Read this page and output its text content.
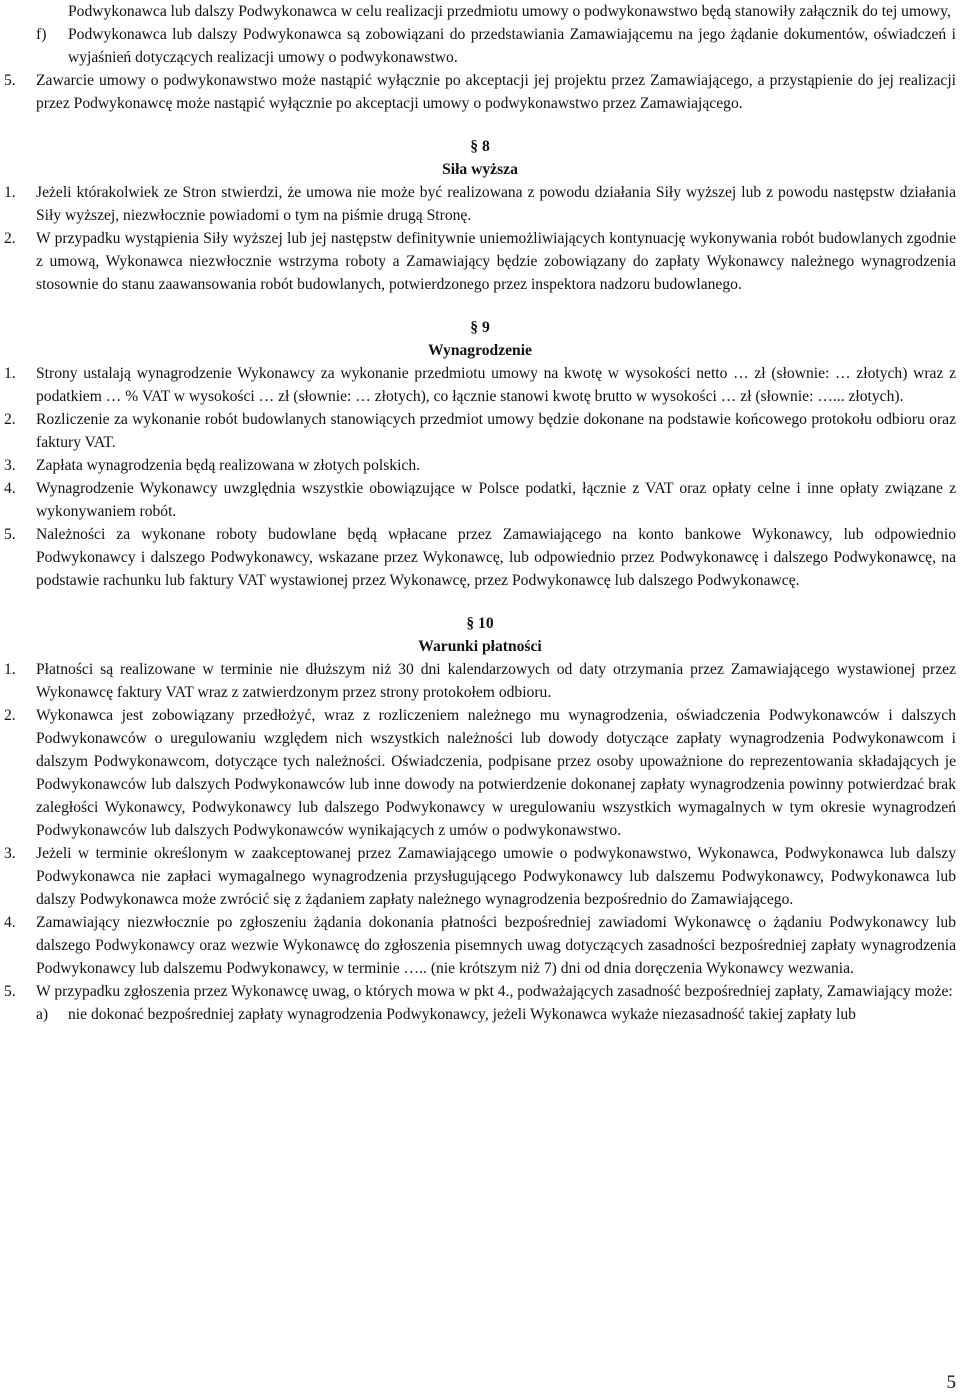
Podwykonawca lub dalszy Podwykonawca w celu realizacji przedmiotu umowy o podwykonawstwo będą stanowiły załącznik do tej umowy,

f) Podwykonawca lub dalszy Podwykonawca są zobowiązani do przedstawiania Zamawiającemu na jego żądanie dokumentów, oświadczeń i wyjaśnień dotyczących realizacji umowy o podwykonawstwo.

5. Zawarcie umowy o podwykonawstwo może nastąpić wyłącznie po akceptacji jej projektu przez Zamawiającego, a przystąpienie do jej realizacji przez Podwykonawcę może nastąpić wyłącznie po akceptacji umowy o podwykonawstwo przez Zamawiającego.

§ 8

Siła wyższa

1. Jeżeli którakolwiek ze Stron stwierdzi, że umowa nie może być realizowana z powodu działania Siły wyższej lub z powodu następstw działania Siły wyższej, niezwłocznie powiadomi o tym na piśmie drugą Stronę.

2. W przypadku wystąpienia Siły wyższej lub jej następstw definitywnie uniemożliwiających kontynuację wykonywania robót budowlanych zgodnie z umową, Wykonawca niezwłocznie wstrzyma roboty a Zamawiający będzie zobowiązany do zapłaty Wykonawcy należnego wynagrodzenia stosownie do stanu zaawansowania robót budowlanych, potwierdzonego przez inspektora nadzoru budowlanego.

§ 9

Wynagrodzenie

1. Strony ustalają wynagrodzenie Wykonawcy za wykonanie przedmiotu umowy na kwotę w wysokości netto … zł (słownie: … złotych) wraz z podatkiem … % VAT w wysokości … zł (słownie: … złotych), co łącznie stanowi kwotę brutto w wysokości … zł (słownie: …... złotych).

2. Rozliczenie za wykonanie robót budowlanych stanowiących przedmiot umowy będzie dokonane na podstawie końcowego protokołu odbioru oraz faktury VAT.

3. Zapłata wynagrodzenia będą realizowana w złotych polskich.

4. Wynagrodzenie Wykonawcy uwzględnia wszystkie obowiązujące w Polsce podatki, łącznie z VAT oraz opłaty celne i inne opłaty związane z wykonywaniem robót.

5. Należności za wykonane roboty budowlane będą wpłacane przez Zamawiającego na konto bankowe Wykonawcy, lub odpowiednio Podwykonawcy i dalszego Podwykonawcy, wskazane przez Wykonawcę, lub odpowiednio przez Podwykonawcę i dalszego Podwykonawcę, na podstawie rachunku lub faktury VAT wystawionej przez Wykonawcę, przez Podwykonawcę lub dalszego Podwykonawcę.

§ 10

Warunki płatności

1. Płatności są realizowane w terminie nie dłuższym niż 30 dni kalendarzowych od daty otrzymania przez Zamawiającego wystawionej przez Wykonawcę faktury VAT wraz z zatwierdzonym przez strony protokołem odbioru.

2. Wykonawca jest zobowiązany przedłożyć, wraz z rozliczeniem należnego mu wynagrodzenia, oświadczenia Podwykonawców i dalszych Podwykonawców o uregulowaniu względem nich wszystkich należności lub dowody dotyczące zapłaty wynagrodzenia Podwykonawcom i dalszym Podwykonawcom, dotyczące tych należności. Oświadczenia, podpisane przez osoby upoważnione do reprezentowania składających je Podwykonawców lub dalszych Podwykonawców lub inne dowody na potwierdzenie dokonanej zapłaty wynagrodzenia powinny potwierdzać brak zaległości Wykonawcy, Podwykonawcy lub dalszego Podwykonawcy w uregulowaniu wszystkich wymagalnych w tym okresie wynagrodzeń Podwykonawców lub dalszych Podwykonawców wynikających z umów o podwykonawstwo.

3. Jeżeli w terminie określonym w zaakceptowanej przez Zamawiającego umowie o podwykonawstwo, Wykonawca, Podwykonawca lub dalszy Podwykonawca nie zapłaci wymagalnego wynagrodzenia przysługującego Podwykonawcy lub dalszemu Podwykonawcy, Podwykonawca lub dalszy Podwykonawca może zwrócić się z żądaniem zapłaty należnego wynagrodzenia bezpośrednio do Zamawiającego.

4. Zamawiający niezwłocznie po zgłoszeniu żądania dokonania płatności bezpośredniej zawiadomi Wykonawcę o żądaniu Podwykonawcy lub dalszego Podwykonawcy oraz wezwie Wykonawcę do zgłoszenia pisemnych uwag dotyczących zasadności bezpośredniej zapłaty wynagrodzenia Podwykonawcy lub dalszemu Podwykonawcy, w terminie ….. (nie krótszym niż 7) dni od dnia doręczenia Wykonawcy wezwania.

5. W przypadku zgłoszenia przez Wykonawcę uwag, o których mowa w pkt 4., podważających zasadność bezpośredniej zapłaty, Zamawiający może:

a) nie dokonać bezpośredniej zapłaty wynagrodzenia Podwykonawcy, jeżeli Wykonawca wykaże niezasadność takiej zapłaty lub

5
